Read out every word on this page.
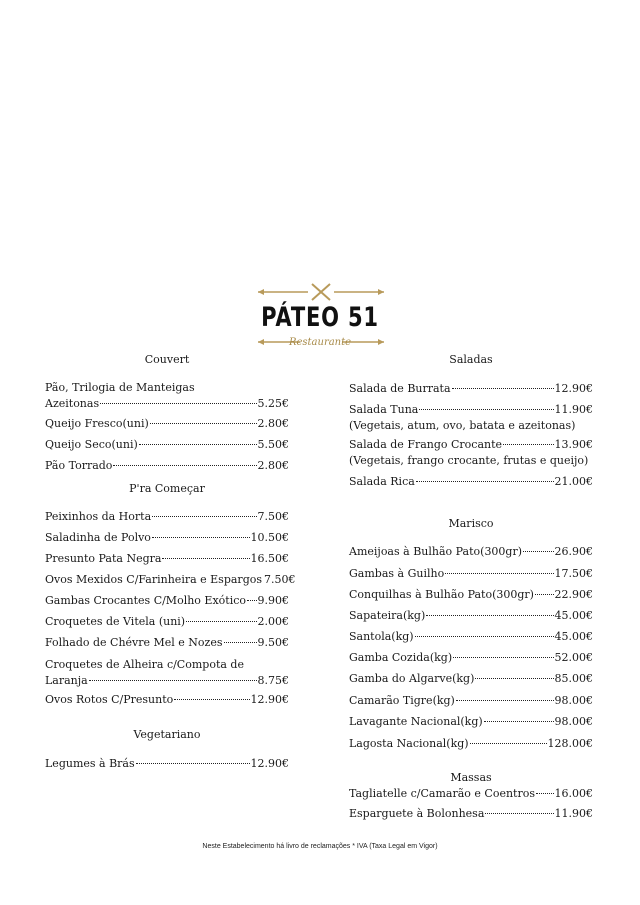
PÁTEO 51
Restaurante
Couvert
Pão, Trilogia de Manteigas
Azeitonas	5.25€
Queijo Fresco(uni)	2.80€
Queijo Seco(uni)	5.50€
Pão Torrado	2.80€
P'ra Começar
Peixinhos da Horta	7.50€
Saladinha de Polvo	10.50€
Presunto Pata Negra	16.50€
Ovos Mexidos C/Farinheira e Espargos 7.50€
Gambas Crocantes C/Molho Exótico 9.90€
Croquetes de Vitela (uni)	2.00€
Folhado de Chévre Mel e Nozes	9.50€
Croquetes de Alheira c/Compota de
Laranja	8.75€
Ovos Rotos C/Presunto	12.90€
Vegetariano
Legumes à Brás	12.90€
Saladas
Salada de Burrata	12.90€
Salada Tuna	11.90€
(Vegetais, atum, ovo, batata e azeitonas)
Salada de Frango Crocante	13.90€
(Vegetais, frango crocante, frutas e queijo)
Salada Rica	21.00€
Marisco
Ameijoas à Bulhão Pato(300gr)	26.90€
Gambas à Guilho	17.50€
Conquilhas à Bulhão Pato(300gr) 22.90€
Sapateira(kg)	45.00€
Santola(kg)	45.00€
Gamba Cozida(kg)	52.00€
Gamba do Algarve(kg)	85.00€
Camarão Tigre(kg)	98.00€
Lavagante Nacional(kg)	98.00€
Lagosta Nacional(kg)	128.00€
Massas
Tagliatelle c/Camarão e Coentros 16.00€
Esparguete à Bolonhesa	11.90€
Neste Estabelecimento há livro de reclamações * IVA (Taxa Legal em Vigor)
